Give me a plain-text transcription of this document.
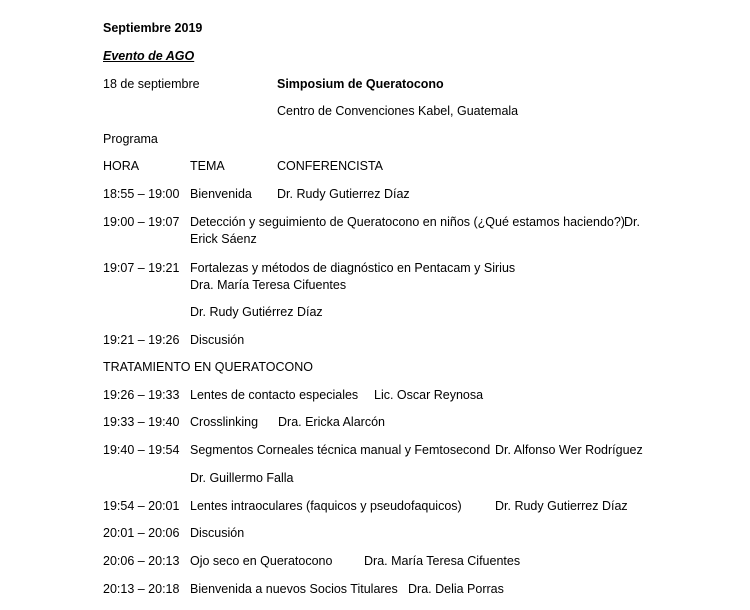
Septiembre 2019
Evento de AGO
18 de septiembre	Simposium de Queratocono
Centro de Convenciones Kabel, Guatemala
Programa
HORA	TEMA	CONFERENCISTA
18:55 – 19:00 Bienvenida Dr. Rudy Gutierrez Díaz
19:00 – 19:07 Detección y seguimiento de Queratocono en niños (¿Qué estamos haciendo?) Dr.
Erick Sáenz
19:07 – 19:21 Fortalezas y métodos de diagnóstico en Pentacam y Sirius
Dra. María Teresa Cifuentes
Dr. Rudy Gutiérrez Díaz
19:21 – 19:26 Discusión
TRATAMIENTO EN QUERATOCONO
19:26 – 19:33 Lentes de contacto especiales Lic. Oscar Reynosa
19:33 – 19:40 Crosslinking Dra. Ericka Alarcón
19:40 – 19:54 Segmentos Corneales técnica manual y Femtosecond Dr. Alfonso Wer Rodríguez
Dr. Guillermo Falla
19:54 – 20:01 Lentes intraoculares (faquicos y pseudofaquicos)	Dr. Rudy Gutierrez Díaz
20:01 – 20:06 Discusión
20:06 – 20:13 Ojo seco en Queratocono	Dra. María Teresa Cifuentes
20:13 – 20:18 Bienvenida a nuevos Socios Titulares Dra. Delia Porras
